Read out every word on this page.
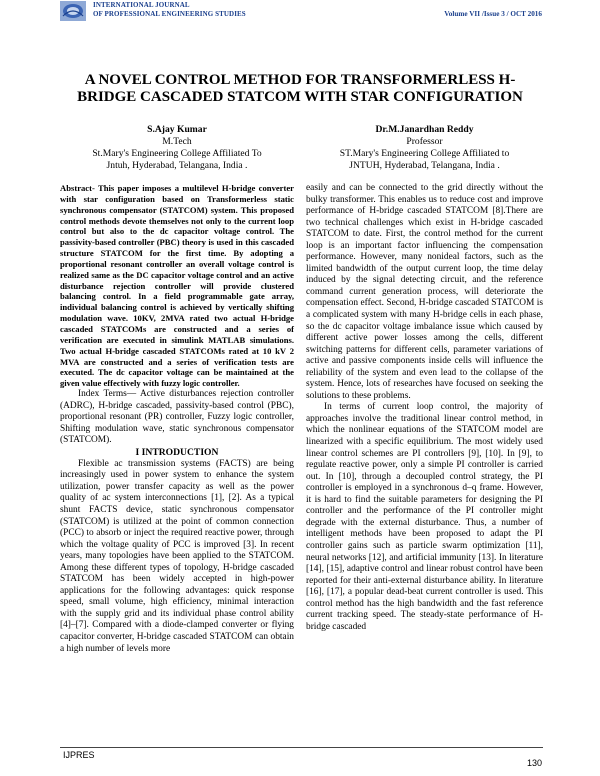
INTERNATIONAL JOURNAL
OF PROFESSIONAL ENGINEERING STUDIES	Volume VII /Issue 3 / OCT 2016
A NOVEL CONTROL METHOD FOR TRANSFORMERLESS H-BRIDGE CASCADED STATCOM WITH STAR CONFIGURATION
S.Ajay Kumar
M.Tech
St.Mary's Engineering College Affiliated To
Jntuh, Hyderabad, Telangana, India .
Dr.M.Janardhan Reddy
Professor
ST.Mary's Engineering College Affiliated to
JNTUH, Hyderabad, Telangana, India .

Abstract- This paper imposes a multilevel H-bridge converter with star configuration based on Transformerless static synchronous compensator (STATCOM) system. This proposed control methods devote themselves not only to the current loop control but also to the dc capacitor voltage control. The passivity-based controller (PBC) theory is used in this cascaded structure STATCOM for the first time. By adopting a proportional resonant controller an overall voltage control is realized same as the DC capacitor voltage control and an active disturbance rejection controller will provide clustered balancing control. In a field programmable gate array, individual balancing control is achieved by vertically shifting modulation wave. 10KV, 2MVA rated two actual H-bridge cascaded STATCOMs are constructed and a series of verification are executed in simulink MATLAB simulations. Two actual H-bridge cascaded STATCOMs rated at 10 kV 2 MVA are constructed and a series of verification tests are executed. The dc capacitor voltage can be maintained at the given value effectively with fuzzy logic controller.

Index Terms— Active disturbances rejection controller (ADRC), H-bridge cascaded, passivity-based control (PBC), proportional resonant (PR) controller, Fuzzy logic controller, Shifting modulation wave, static synchronous compensator (STATCOM).

I INTRODUCTION

Flexible ac transmission systems (FACTS) are being increasingly used in power system to enhance the system utilization, power transfer capacity as well as the power quality of ac system interconnections [1], [2]. As a typical shunt FACTS device, static synchronous compensator (STATCOM) is utilized at the point of common connection (PCC) to absorb or inject the required reactive power, through which the voltage quality of PCC is improved [3]. In recent years, many topologies have been applied to the STATCOM. Among these different types of topology, H-bridge cascaded STATCOM has been widely accepted in high-power applications for the following advantages: quick response speed, small volume, high efficiency, minimal interaction with the supply grid and its individual phase control ability [4]–[7]. Compared with a diode-clamped converter or flying capacitor converter, H-bridge cascaded STATCOM can obtain a high number of levels more

easily and can be connected to the grid directly without the bulky transformer. This enables us to reduce cost and improve performance of H-bridge cascaded STATCOM [8].There are two technical challenges which exist in H-bridge cascaded STATCOM to date. First, the control method for the current loop is an important factor influencing the compensation performance. However, many nonideal factors, such as the limited bandwidth of the output current loop, the time delay induced by the signal detecting circuit, and the reference command current generation process, will deteriorate the compensation effect. Second, H-bridge cascaded STATCOM is a complicated system with many H-bridge cells in each phase, so the dc capacitor voltage imbalance issue which caused by different active power losses among the cells, different switching patterns for different cells, parameter variations of active and passive components inside cells will influence the reliability of the system and even lead to the collapse of the system. Hence, lots of researches have focused on seeking the solutions to these problems.

In terms of current loop control, the majority of approaches involve the traditional linear control method, in which the nonlinear equations of the STATCOM model are linearized with a specific equilibrium. The most widely used linear control schemes are PI controllers [9], [10]. In [9], to regulate reactive power, only a simple PI controller is carried out. In [10], through a decoupled control strategy, the PI controller is employed in a synchronous d–q frame. However, it is hard to find the suitable parameters for designing the PI controller and the performance of the PI controller might degrade with the external disturbance. Thus, a number of intelligent methods have been proposed to adapt the PI controller gains such as particle swarm optimization [11], neural networks [12], and artificial immunity [13]. In literature [14], [15], adaptive control and linear robust control have been reported for their anti-external disturbance ability. In literature [16], [17], a popular dead-beat current controller is used. This control method has the high bandwidth and the fast reference current tracking speed. The steady-state performance of H-bridge cascaded

IJPRES
130
